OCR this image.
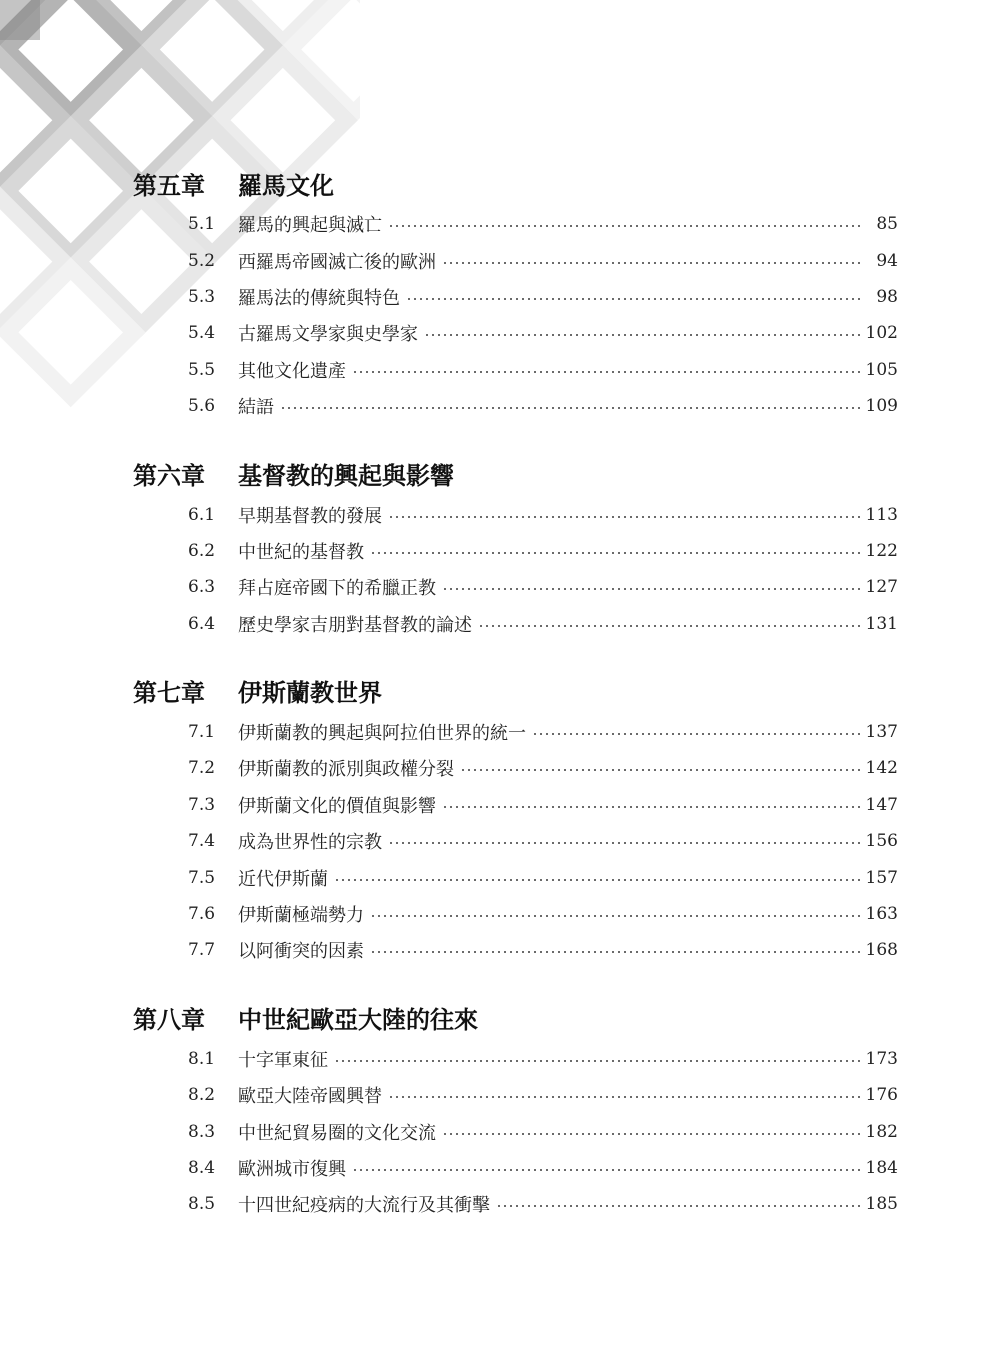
第五章	羅馬文化
5.1	羅馬的興起與滅亡	85
5.2	西羅馬帝國滅亡後的歐洲	94
5.3	羅馬法的傳統與特色	98
5.4	古羅馬文學家與史學家	102
5.5	其他文化遺產	105
5.6	結語	109
第六章	基督教的興起與影響
6.1	早期基督教的發展	113
6.2	中世紀的基督教	122
6.3	拜占庭帝國下的希臘正教	127
6.4	歷史學家吉朋對基督教的論述	131
第七章	伊斯蘭教世界
7.1	伊斯蘭教的興起與阿拉伯世界的統一	137
7.2	伊斯蘭教的派別與政權分裂	142
7.3	伊斯蘭文化的價值與影響	147
7.4	成為世界性的宗教	156
7.5	近代伊斯蘭	157
7.6	伊斯蘭極端勢力	163
7.7	以阿衝突的因素	168
第八章	中世紀歐亞大陸的往來
8.1	十字軍東征	173
8.2	歐亞大陸帝國興替	176
8.3	中世紀貿易圈的文化交流	182
8.4	歐洲城市復興	184
8.5	十四世紀疫病的大流行及其衝擊	185
